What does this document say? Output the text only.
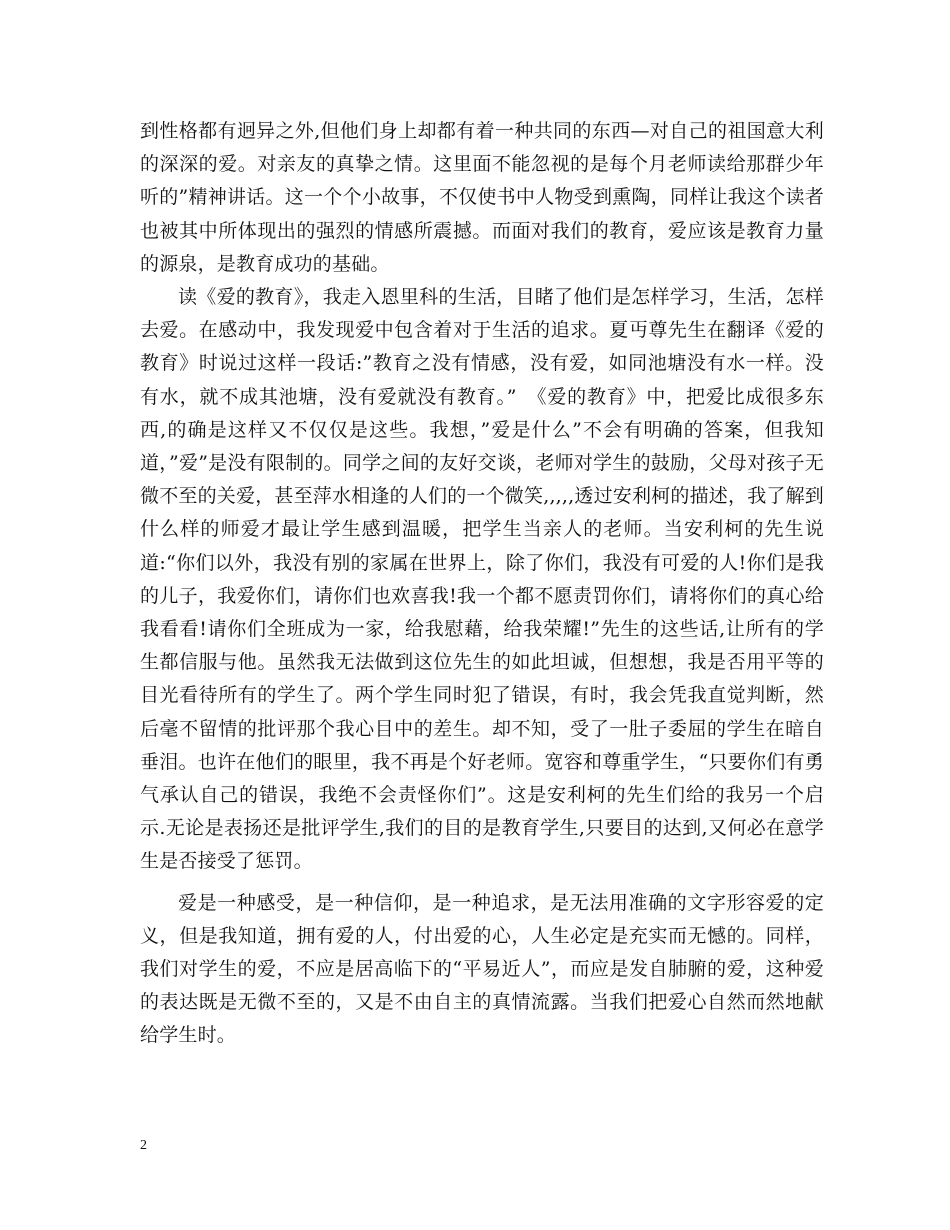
到性格都有迥异之外,但他们身上却都有着一种共同的东西—对自己的祖国意大利的深深的爱。对亲友的真挚之情。这里面不能忽视的是每个月老师读给那群少年听的”精神讲话。这一个个小故事，不仅使书中人物受到熏陶，同样让我这个读者也被其中所体现出的强烈的情感所震撼。而面对我们的教育，爱应该是教育力量的源泉，是教育成功的基础。

读《爱的教育》，我走入恩里科的生活，目睹了他们是怎样学习，生活，怎样去爱。在感动中，我发现爱中包含着对于生活的追求。夏丏尊先生在翻译《爱的教育》时说过这样一段话:”教育之没有情感，没有爱，如同池塘没有水一样。没有水，就不成其池塘，没有爱就没有教育。”　《爱的教育》中，把爱比成很多东西,的确是这样又不仅仅是这些。我想，”爱是什么”不会有明确的答案，但我知道，”爱”是没有限制的。同学之间的友好交谈，老师对学生的鼓励，父母对孩子无微不至的关爱，甚至萍水相逢的人们的一个微笑,,,,,透过安利柯的描述，我了解到什么样的师爱才最让学生感到温暖，把学生当亲人的老师。当安利柯的先生说道:“你们以外，我没有别的家属在世界上，除了你们，我没有可爱的人!你们是我的儿子，我爱你们，请你们也欢喜我!我一个都不愿责罚你们，请将你们的真心给我看看!请你们全班成为一家，给我慰藉，给我荣耀!”先生的这些话,让所有的学生都信服与他。虽然我无法做到这位先生的如此坦诚，但想想，我是否用平等的目光看待所有的学生了。两个学生同时犯了错误，有时，我会凭我直觉判断，然后毫不留情的批评那个我心目中的差生。却不知，受了一肚子委屈的学生在暗自垂泪。也许在他们的眼里，我不再是个好老师。宽容和尊重学生，“只要你们有勇气承认自己的错误，我绝不会责怪你们”。这是安利柯的先生们给的我另一个启示.无论是表扬还是批评学生,我们的目的是教育学生,只要目的达到,又何必在意学生是否接受了惩罚。

爱是一种感受，是一种信仰，是一种追求，是无法用准确的文字形容爱的定义，但是我知道，拥有爱的人，付出爱的心，人生必定是充实而无憾的。同样，我们对学生的爱，不应是居高临下的“平易近人”，而应是发自肺腑的爱，这种爱的表达既是无微不至的，又是不由自主的真情流露。当我们把爱心自然而然地献给学生时。

2
